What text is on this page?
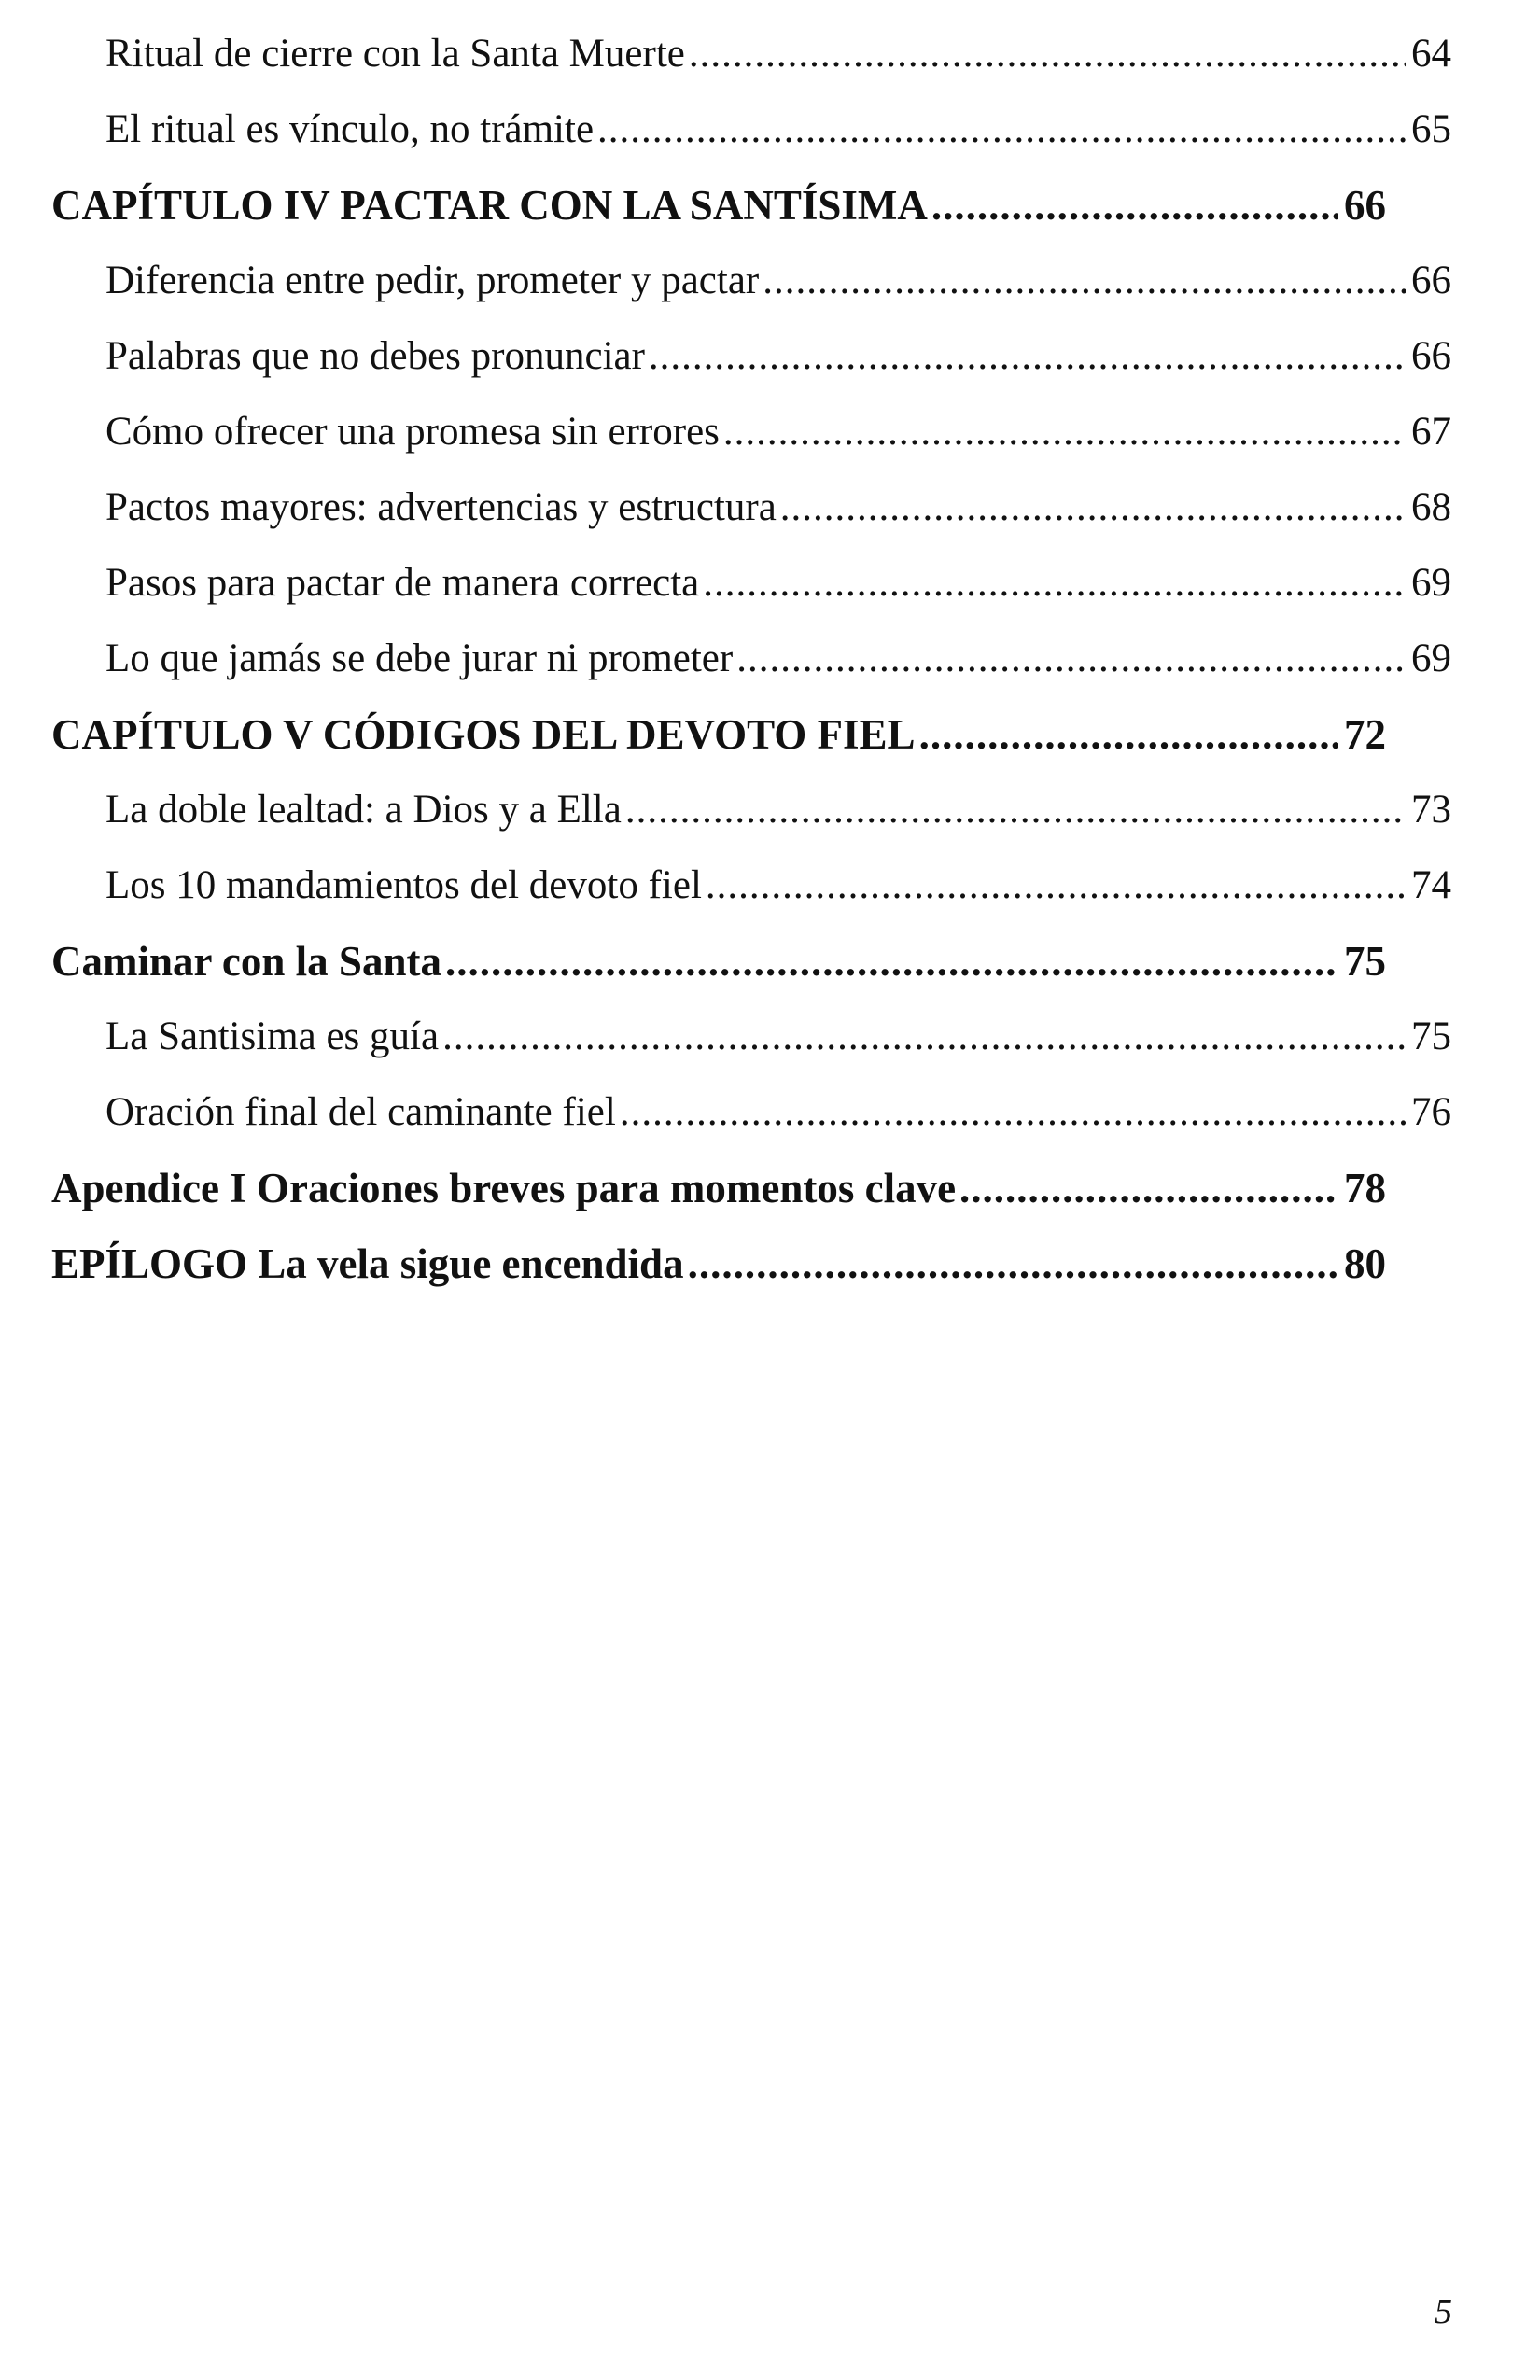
Ritual de cierre con la Santa Muerte .....	64
El ritual es vínculo, no trámite .....	65
CAPÍTULO IV PACTAR CON LA SANTÍSIMA .....	66
Diferencia entre pedir, prometer y pactar .....	66
Palabras que no debes pronunciar .....	66
Cómo ofrecer una promesa sin errores .....	67
Pactos mayores: advertencias y estructura .....	68
Pasos para pactar de manera correcta .....	69
Lo que jamás se debe jurar ni prometer .....	69
CAPÍTULO V CÓDIGOS DEL DEVOTO FIEL .....	72
La doble lealtad: a Dios y a Ella .....	73
Los 10 mandamientos del devoto fiel .....	74
Caminar con la Santa .....	75
La Santisima es guía .....	75
Oración final del caminante fiel .....	76
Apendice I Oraciones breves para momentos clave .....	78
EPÍLOGO La vela sigue encendida .....	80
5
